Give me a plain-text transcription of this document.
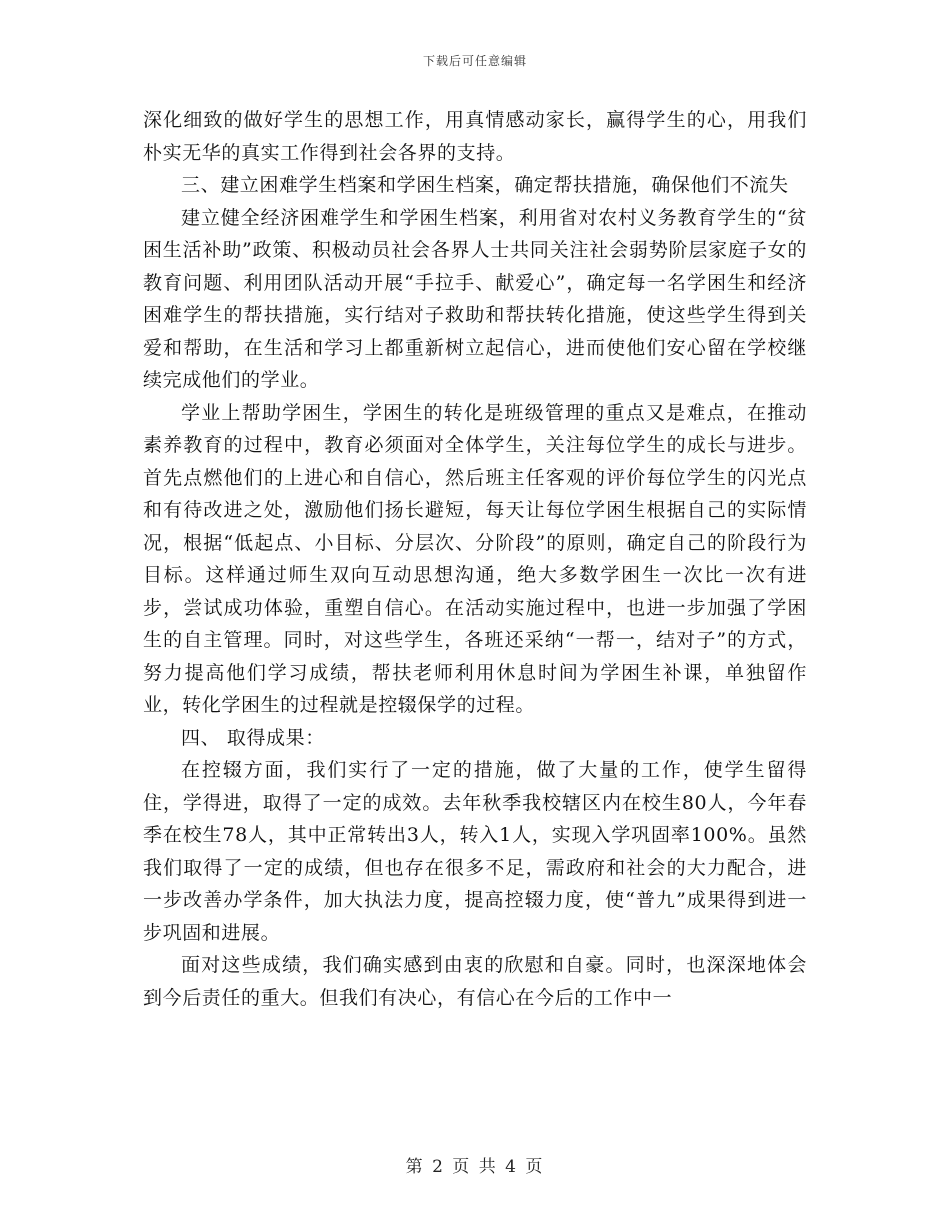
下载后可任意编辑

深化细致的做好学生的思想工作，用真情感动家长，赢得学生的心，用我们朴实无华的真实工作得到社会各界的支持。

三、建立困难学生档案和学困生档案，确定帮扶措施，确保他们不流失

建立健全经济困难学生和学困生档案，利用省对农村义务教育学生的“贫困生活补助”政策、积极动员社会各界人士共同关注社会弱势阶层家庭子女的教育问题、利用团队活动开展“手拉手、献爱心”，确定每一名学困生和经济困难学生的帮扶措施，实行结对子救助和帮扶转化措施，使这些学生得到关爱和帮助，在生活和学习上都重新树立起信心，进而使他们安心留在学校继续完成他们的学业。

学业上帮助学困生，学困生的转化是班级管理的重点又是难点，在推动素养教育的过程中，教育必须面对全体学生，关注每位学生的成长与进步。首先点燃他们的上进心和自信心，然后班主任客观的评价每位学生的闪光点和有待改进之处，激励他们扬长避短，每天让每位学困生根据自己的实际情况，根据“低起点、小目标、分层次、分阶段”的原则，确定自己的阶段行为目标。这样通过师生双向互动思想沟通，绝大多数学困生一次比一次有进步，尝试成功体验，重塑自信心。在活动实施过程中，也进一步加强了学困生的自主管理。同时，对这些学生，各班还采纳“一帮一，结对子”的方式，努力提高他们学习成绩，帮扶老师利用休息时间为学困生补课，单独留作业，转化学困生的过程就是控辍保学的过程。

四、 取得成果：

在控辍方面，我们实行了一定的措施，做了大量的工作，使学生留得住，学得进，取得了一定的成效。去年秋季我校辖区内在校生80人，今年春季在校生78人，其中正常转出3人，转入1人，实现入学巩固率100%。虽然我们取得了一定的成绩，但也存在很多不足，需政府和社会的大力配合，进一步改善办学条件，加大执法力度，提高控辍力度，使“普九”成果得到进一步巩固和进展。

面对这些成绩，我们确实感到由衷的欣慰和自豪。同时，也深深地体会到今后责任的重大。但我们有决心，有信心在今后的工作中一

第 2 页 共 4 页
